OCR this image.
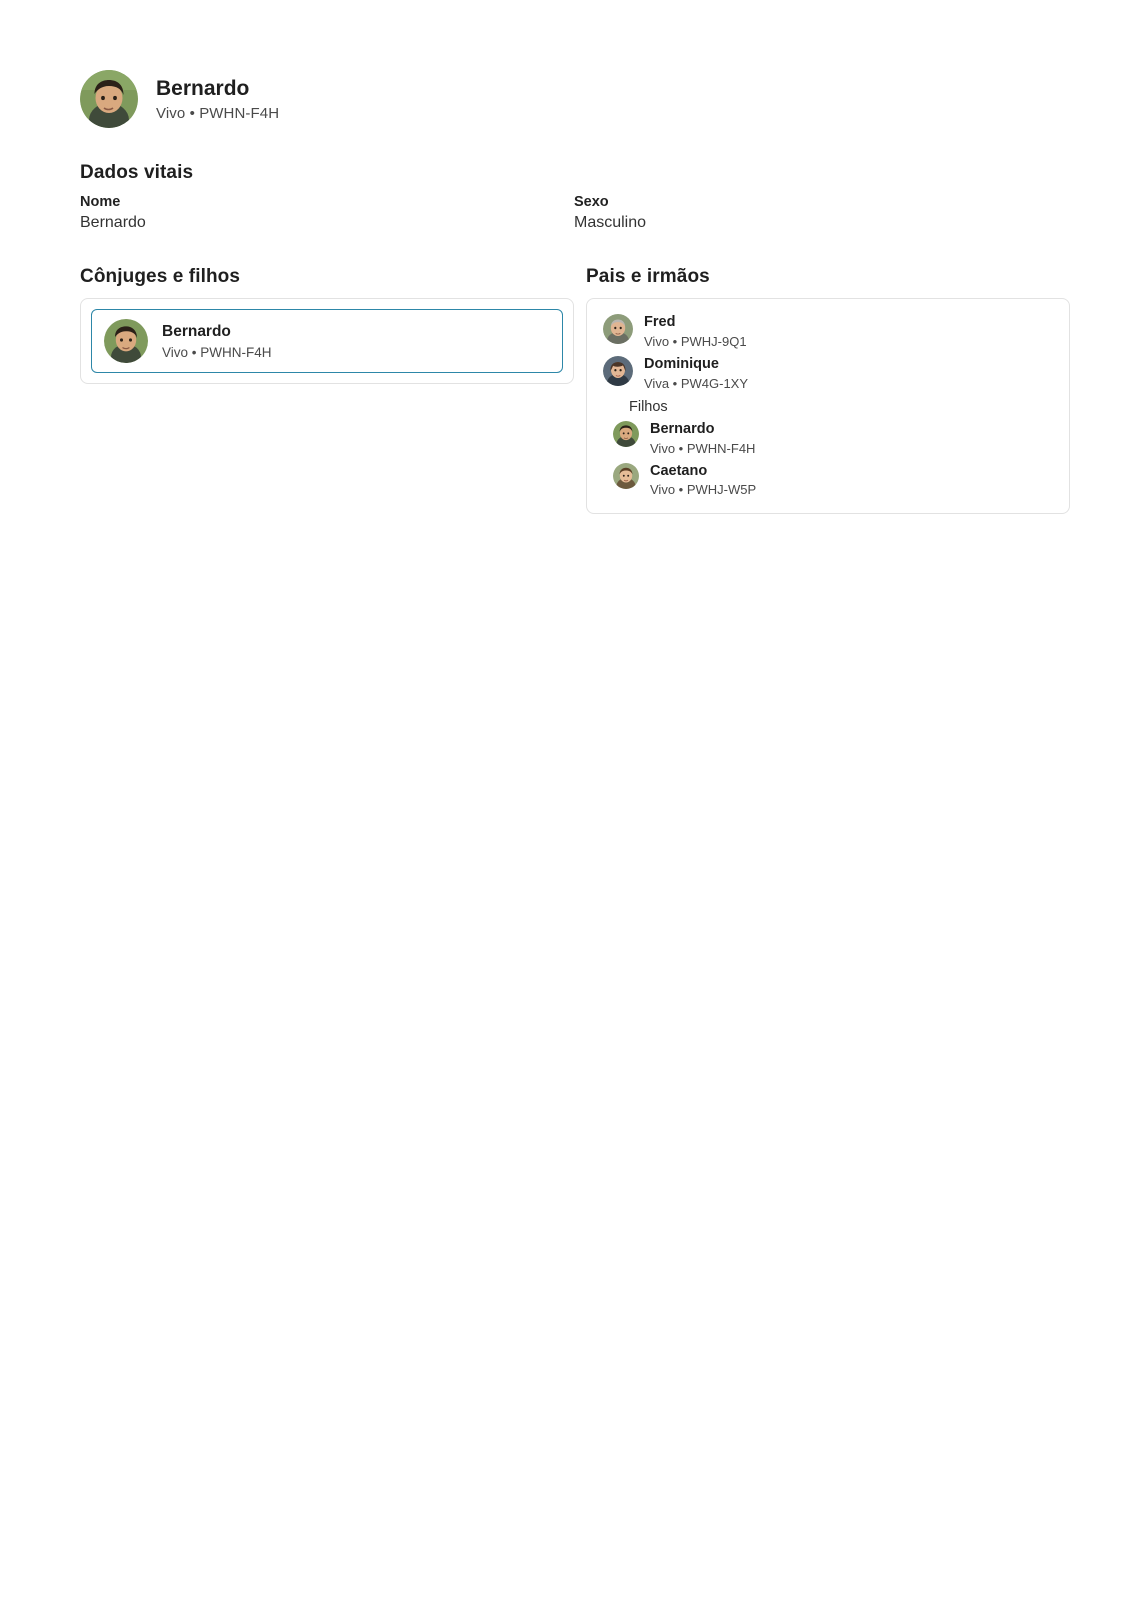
Bernardo
Vivo • PWHN-F4H
Dados vitais
Nome
Bernardo
Sexo
Masculino
Cônjuges e filhos
Bernardo
Vivo • PWHN-F4H
Pais e irmãos
Fred
Vivo • PWHJ-9Q1
Dominique
Viva • PW4G-1XY
Filhos
Bernardo
Vivo • PWHN-F4H
Caetano
Vivo • PWHJ-W5P
